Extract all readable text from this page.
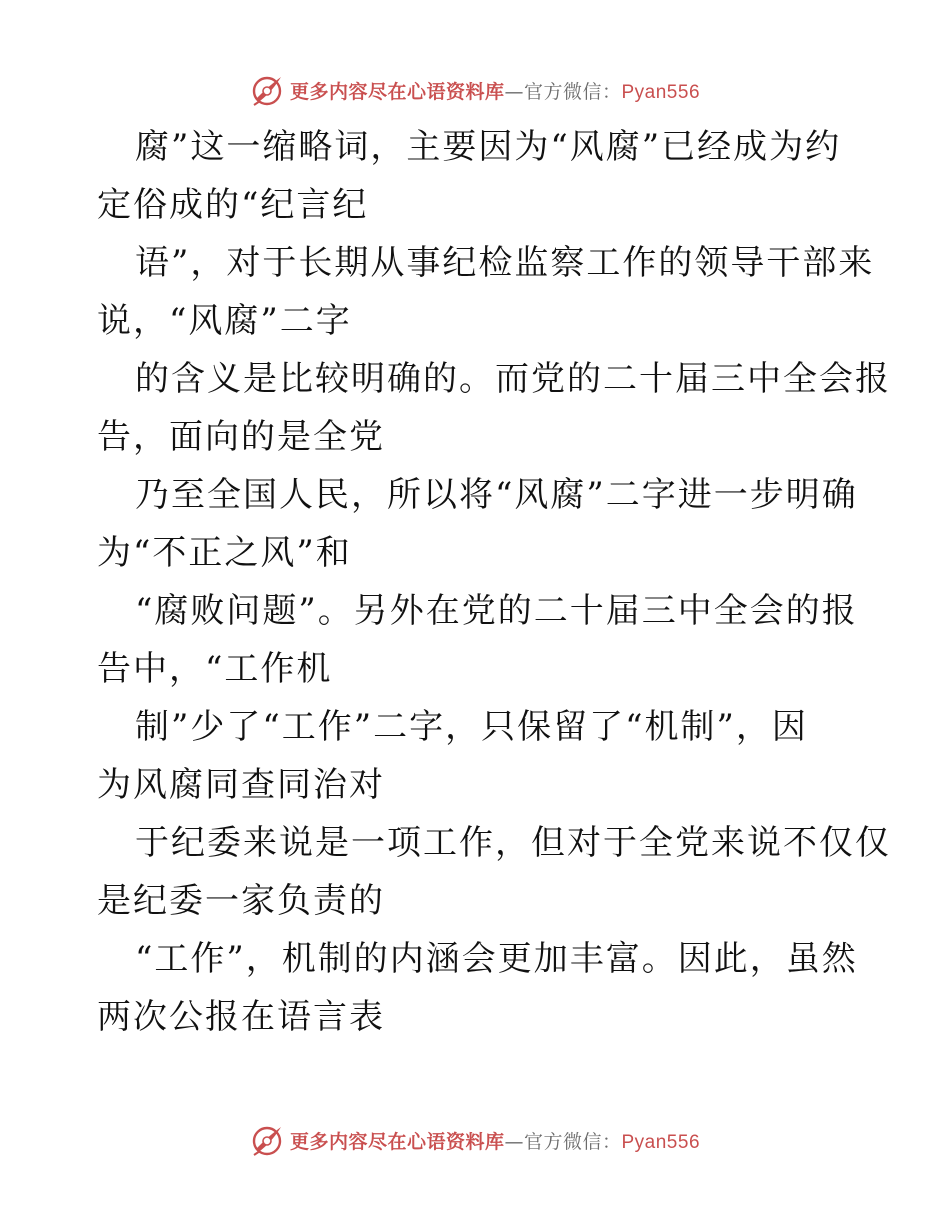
更多内容尽在心语资料库—官方微信：Pyan556

腐”这一缩略词，主要因为“风腐”已经成为约
定俗成的“纪言纪

语”，对于长期从事纪检监察工作的领导干部来
说，“风腐”二字

的含义是比较明确的。而党的二十届三中全会报
告，面向的是全党

乃至全国人民，所以将“风腐”二字进一步明确
为“不正之风”和

“腐败问题”。另外在党的二十届三中全会的报
告中，“工作机

制”少了“工作”二字，只保留了“机制”，因
为风腐同查同治对

于纪委来说是一项工作，但对于全党来说不仅仅
是纪委一家负责的

“工作”，机制的内涵会更加丰富。因此，虽然
两次公报在语言表

更多内容尽在心语资料库—官方微信：Pyan556
